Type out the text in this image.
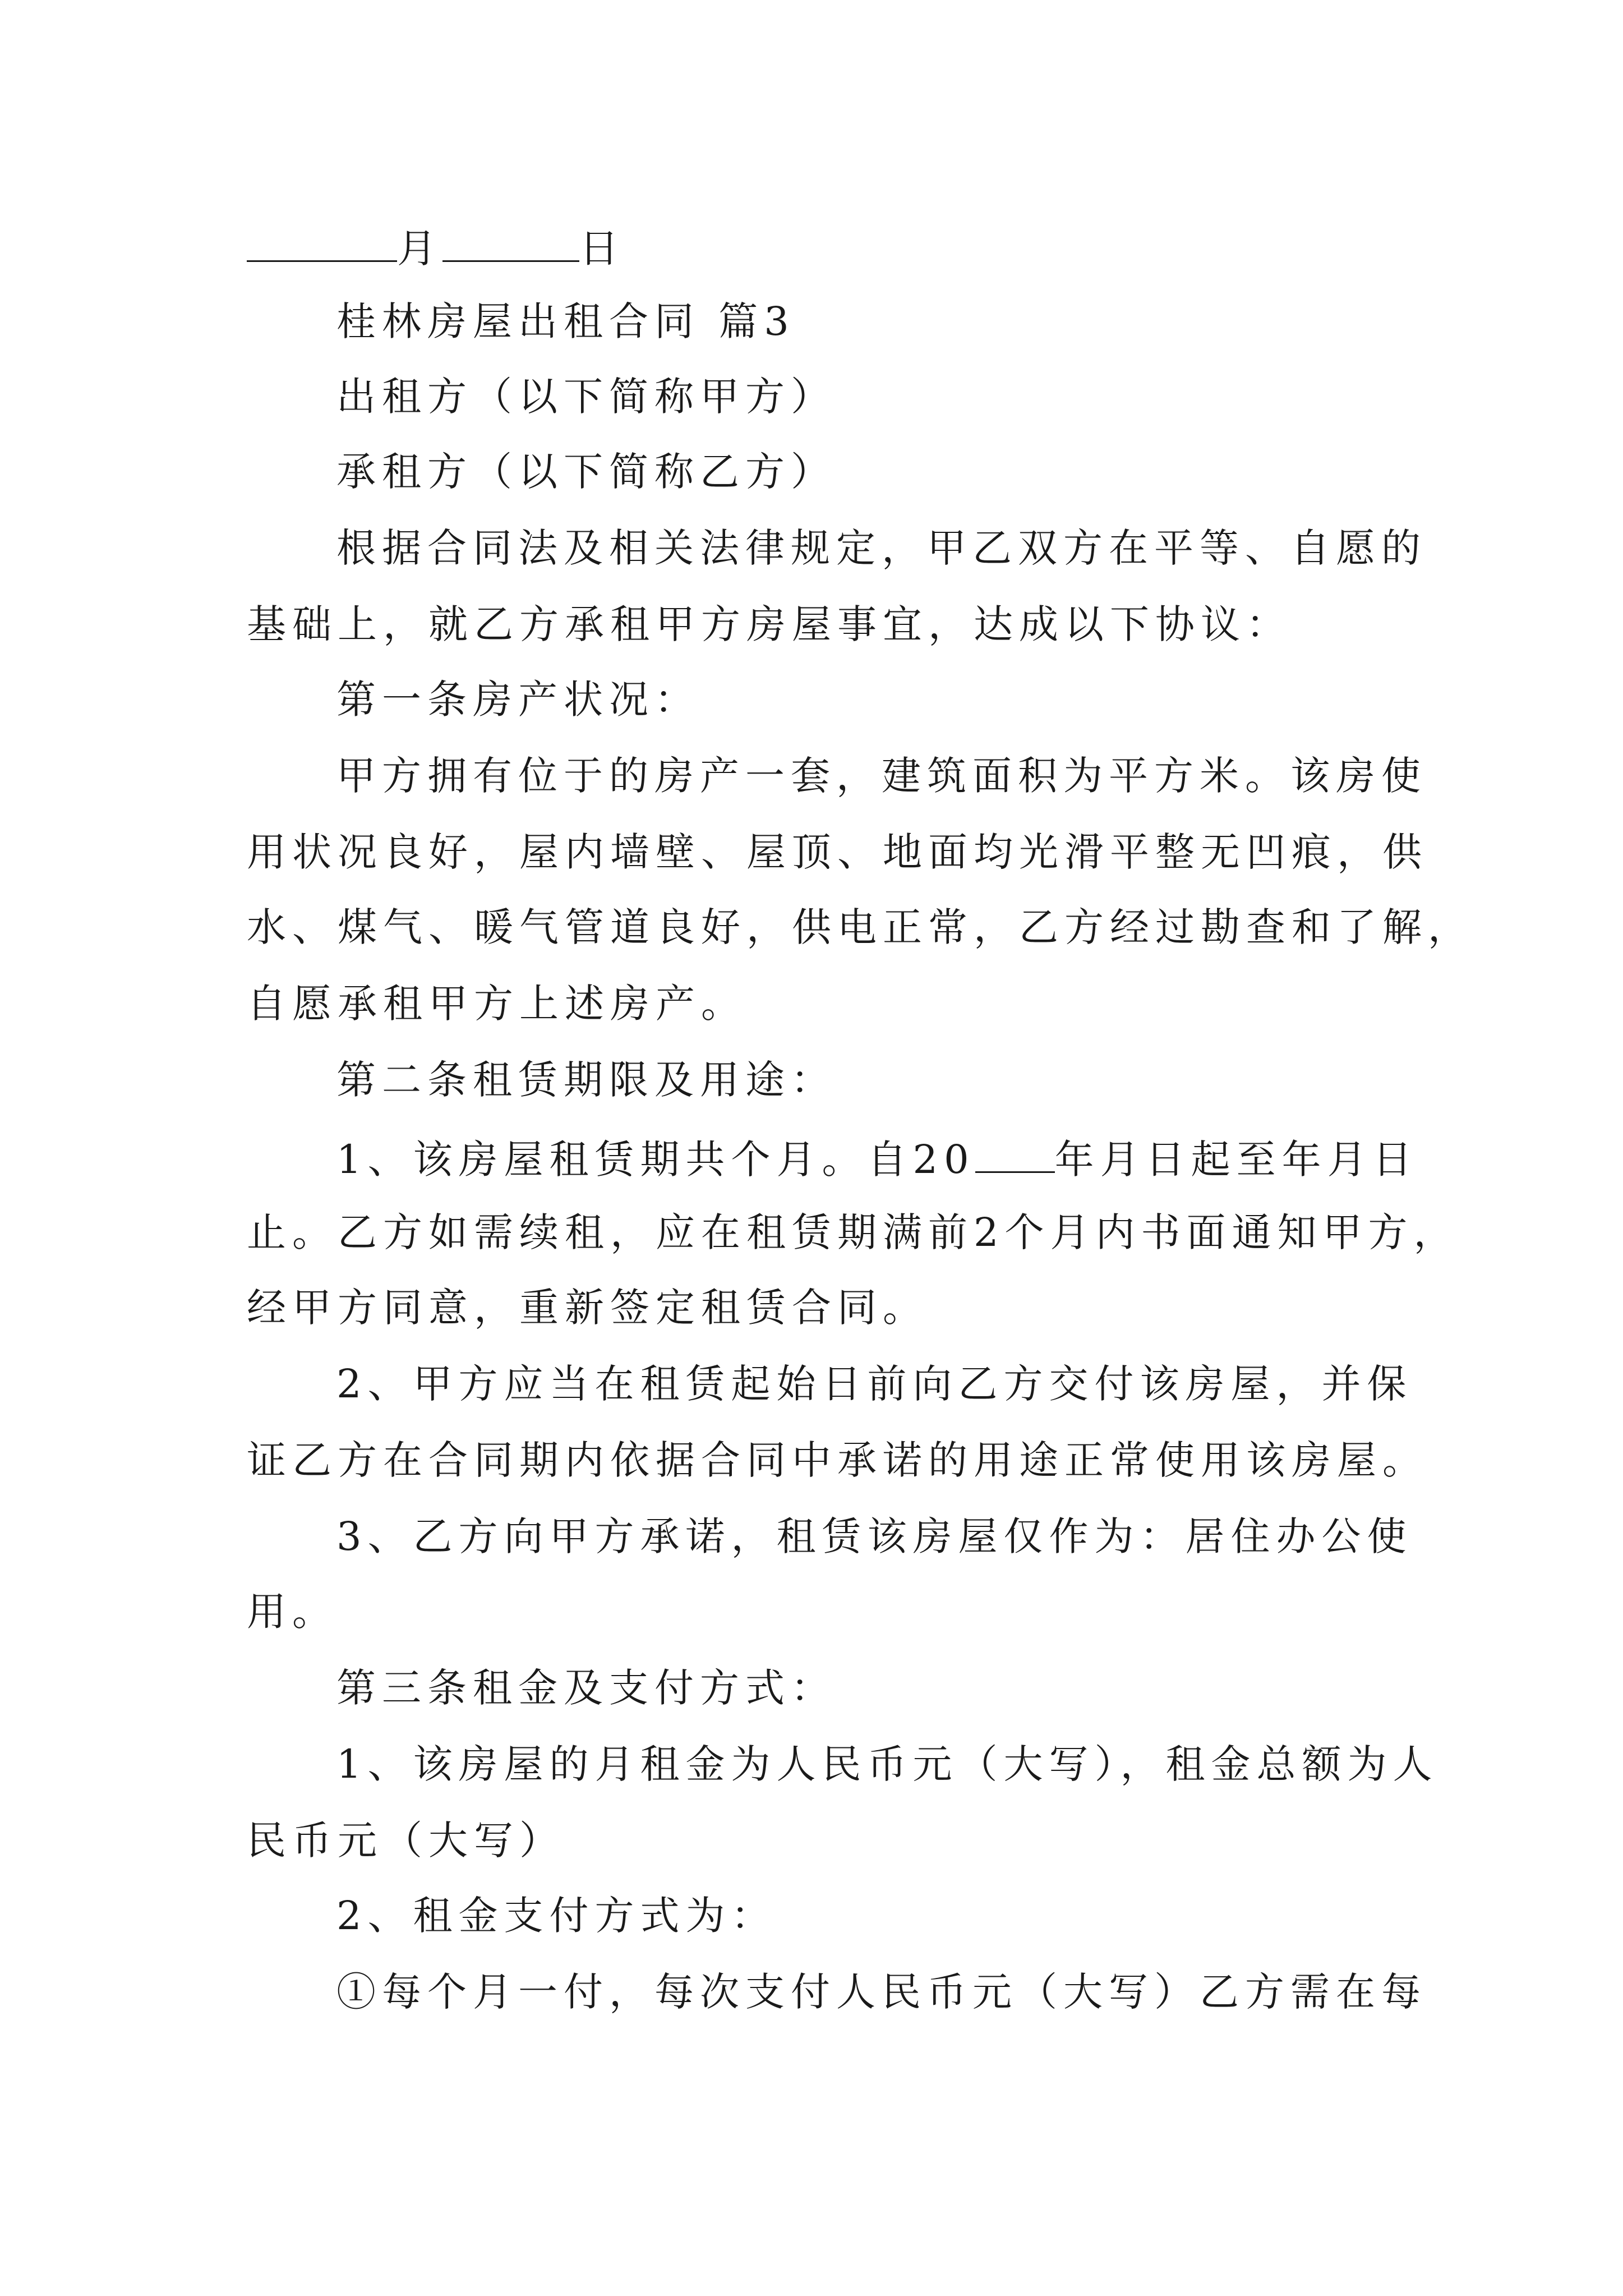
月	日
桂林房屋出租合同 篇3
出租方（以下简称甲方）
承租方（以下简称乙方）
根据合同法及相关法律规定，甲乙双方在平等、自愿的
基础上，就乙方承租甲方房屋事宜，达成以下协议：
第一条房产状况：
甲方拥有位于的房产一套，建筑面积为平方米。该房使
用状况良好，屋内墙壁、屋顶、地面均光滑平整无凹痕，供
水、煤气、暖气管道良好，供电正常，乙方经过勘查和了解，
自愿承租甲方上述房产。
第二条租赁期限及用途：
1、该房屋租赁期共个月。自20 年月日起至年月日
止。乙方如需续租，应在租赁期满前2个月内书面通知甲方，
经甲方同意，重新签定租赁合同。
2、甲方应当在租赁起始日前向乙方交付该房屋，并保
证乙方在合同期内依据合同中承诺的用途正常使用该房屋。
3、乙方向甲方承诺，租赁该房屋仅作为：居住办公使
用。
第三条租金及支付方式：
1、该房屋的月租金为人民币元（大写），租金总额为人
民币元（大写）
2、租金支付方式为：
①每个月一付，每次支付人民币元（大写）乙方需在每
